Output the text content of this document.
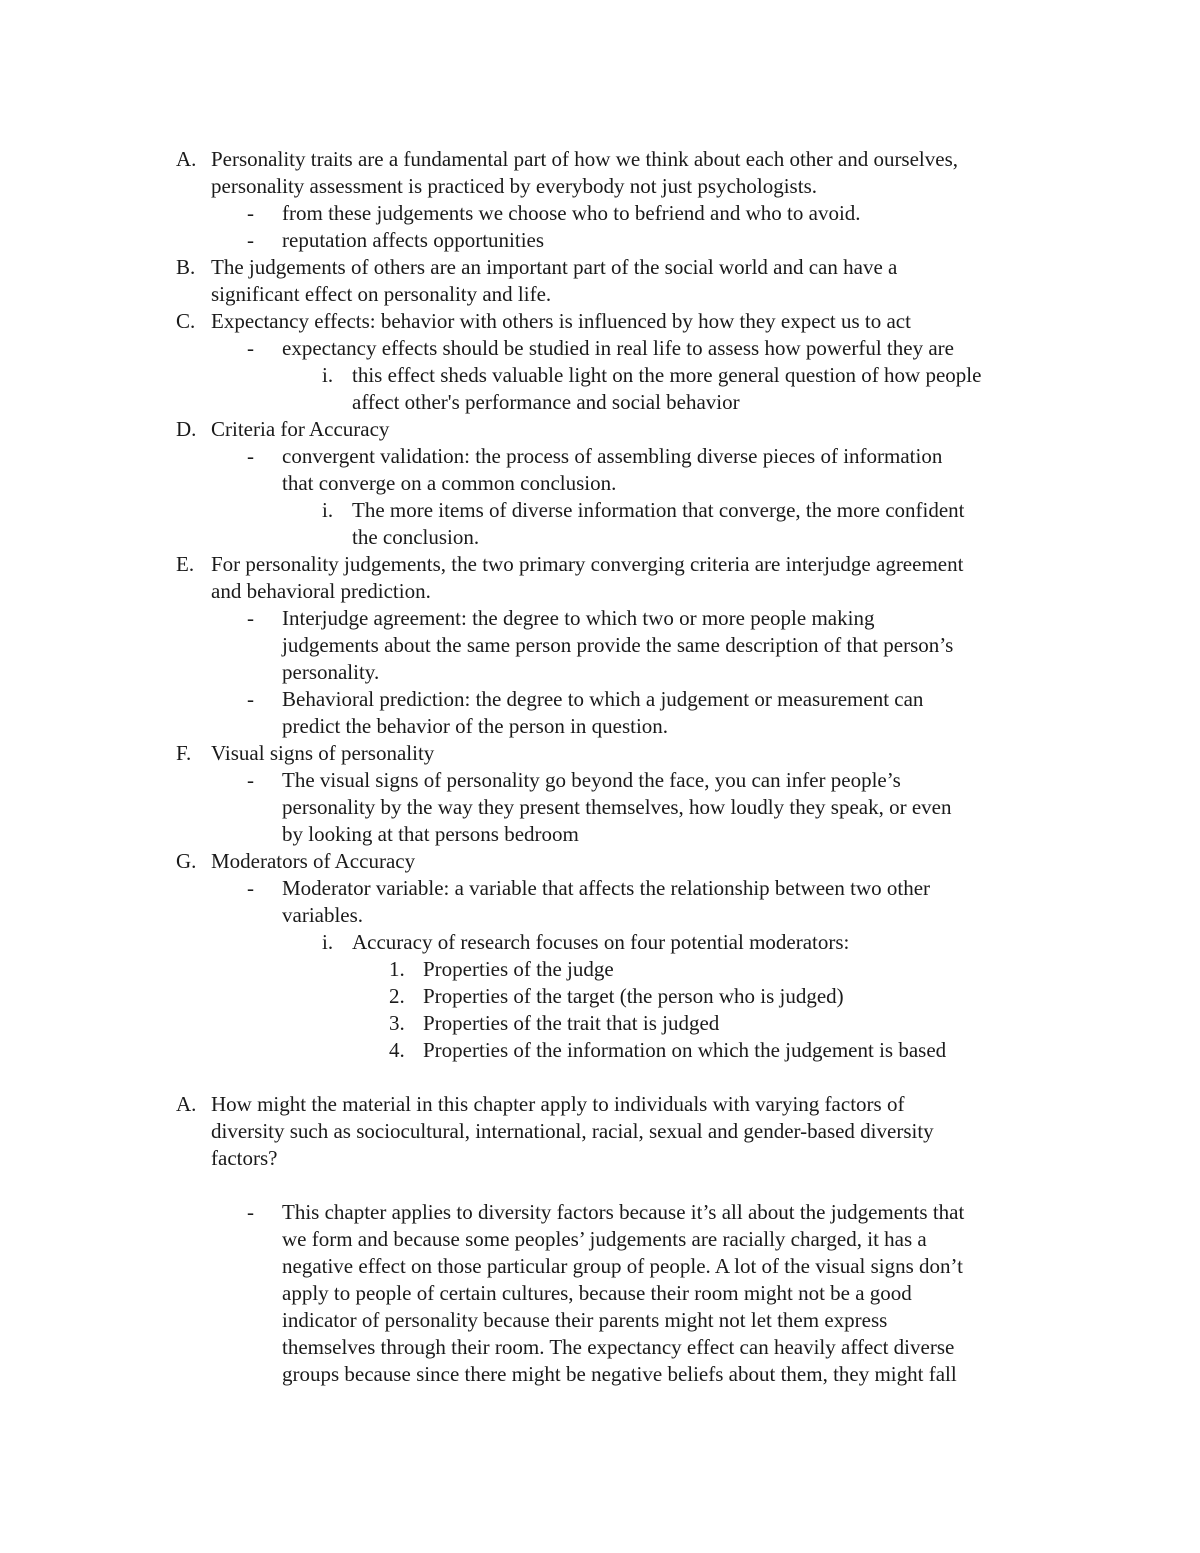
A. Personality traits are a fundamental part of how we think about each other and ourselves,
personality assessment is practiced by everybody not just psychologists.
- from these judgements we choose who to befriend and who to avoid.
- reputation affects opportunities
B. The judgements of others are an important part of the social world and can have a
significant effect on personality and life.
C. Expectancy effects: behavior with others is influenced by how they expect us to act
- expectancy effects should be studied in real life to assess how powerful they are
i. this effect sheds valuable light on the more general question of how people
affect other's performance and social behavior
D. Criteria for Accuracy
- convergent validation: the process of assembling diverse pieces of information
that converge on a common conclusion.
i. The more items of diverse information that converge, the more confident
the conclusion.
E. For personality judgements, the two primary converging criteria are interjudge agreement
and behavioral prediction.
- Interjudge agreement: the degree to which two or more people making
judgements about the same person provide the same description of that person’s
personality.
- Behavioral prediction: the degree to which a judgement or measurement can
predict the behavior of the person in question.
F. Visual signs of personality
- The visual signs of personality go beyond the face, you can infer people’s
personality by the way they present themselves, how loudly they speak, or even
by looking at that persons bedroom
G. Moderators of Accuracy
- Moderator variable: a variable that affects the relationship between two other
variables.
i. Accuracy of research focuses on four potential moderators:
1. Properties of the judge
2. Properties of the target (the person who is judged)
3. Properties of the trait that is judged
4. Properties of the information on which the judgement is based
A. How might the material in this chapter apply to individuals with varying factors of
diversity such as sociocultural, international, racial, sexual and gender-based diversity
factors?
- This chapter applies to diversity factors because it’s all about the judgements that
we form and because some peoples’ judgements are racially charged, it has a
negative effect on those particular group of people. A lot of the visual signs don’t
apply to people of certain cultures, because their room might not be a good
indicator of personality because their parents might not let them express
themselves through their room. The expectancy effect can heavily affect diverse
groups because since there might be negative beliefs about them, they might fall
